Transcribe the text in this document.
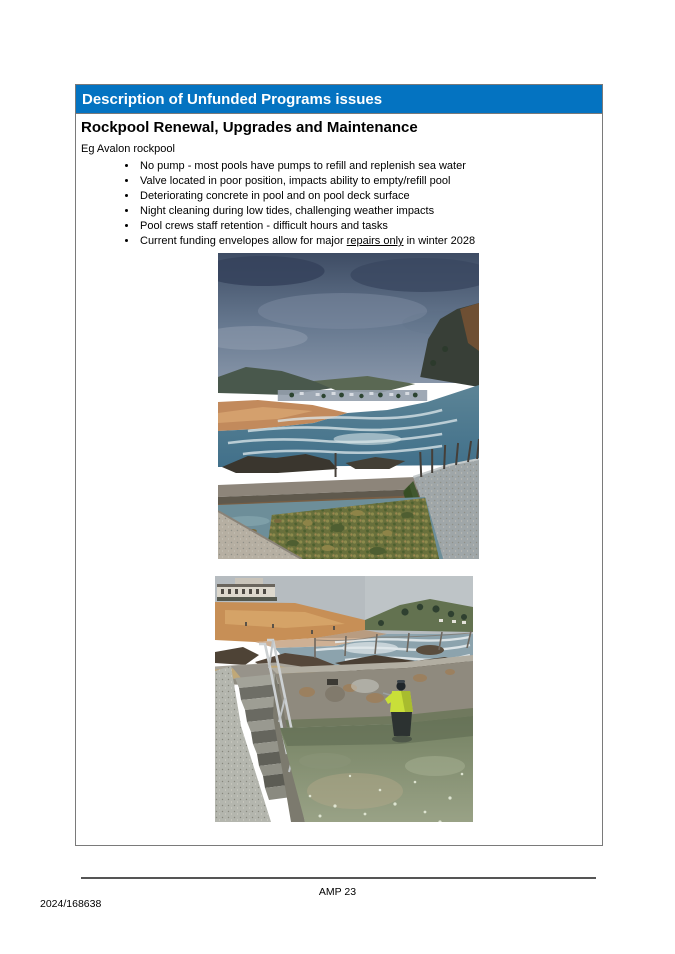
Description of Unfunded Programs issues
Rockpool Renewal, Upgrades and Maintenance
Eg Avalon rockpool
• No pump - most pools have pumps to refill and replenish sea water
• Valve located in poor position, impacts ability to empty/refill pool
• Deteriorating concrete in pool and on pool deck surface
• Night cleaning during low tides, challenging weather impacts
• Pool crews staff retention - difficult hours and tasks
• Current funding envelopes allow for major repairs only in winter 2028
AMP 23
2024/168638
